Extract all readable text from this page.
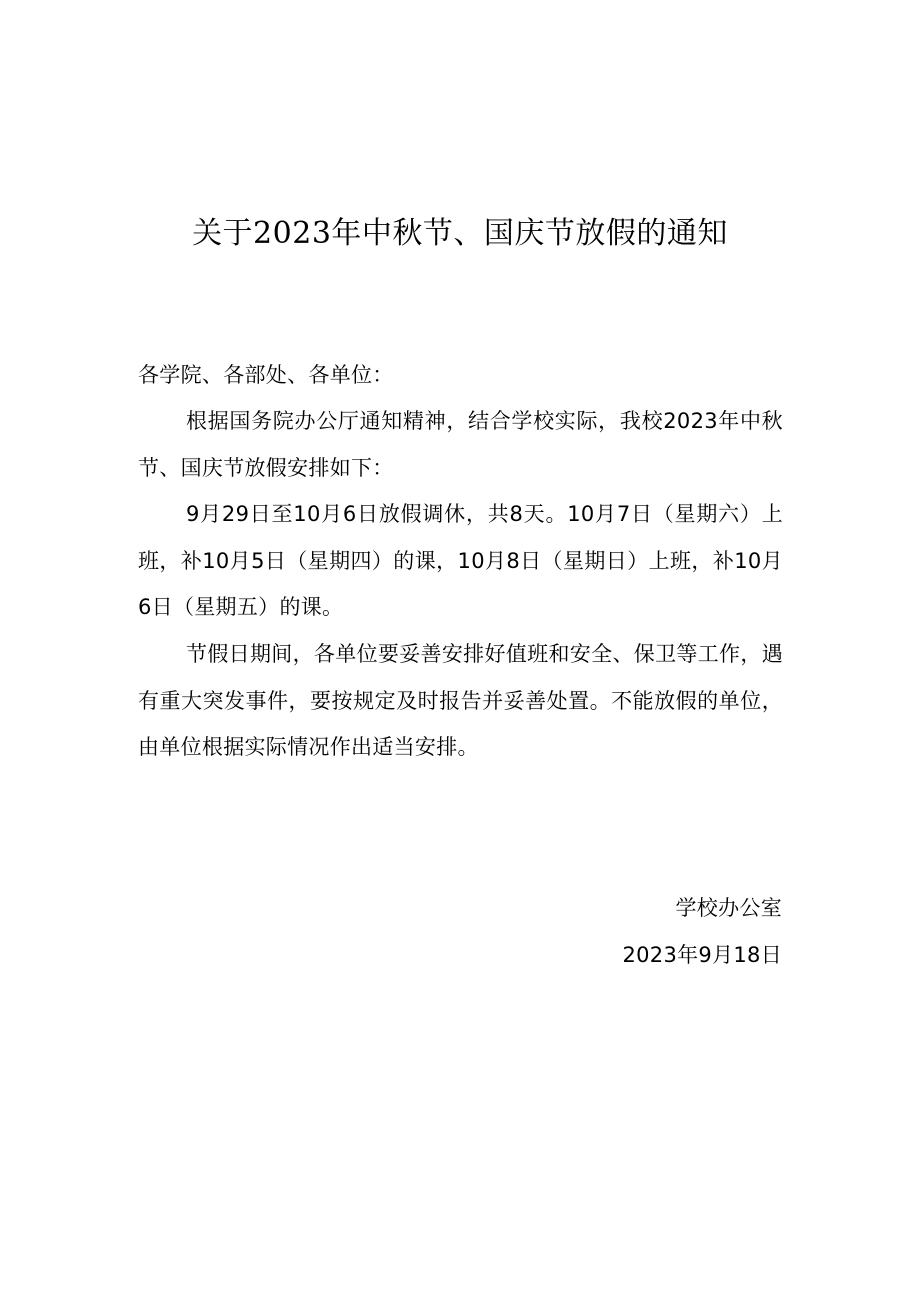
关于2023年中秋节、国庆节放假的通知
各学院、各部处、各单位：

根据国务院办公厅通知精神，结合学校实际，我校2023年中秋节、国庆节放假安排如下：

9月29日至10月6日放假调休，共8天。10月7日（星期六）上班，补10月5日（星期四）的课，10月8日（星期日）上班，补10月6日（星期五）的课。

节假日期间，各单位要妥善安排好值班和安全、保卫等工作，遇有重大突发事件，要按规定及时报告并妥善处置。不能放假的单位，由单位根据实际情况作出适当安排。

学校办公室
2023年9月18日
